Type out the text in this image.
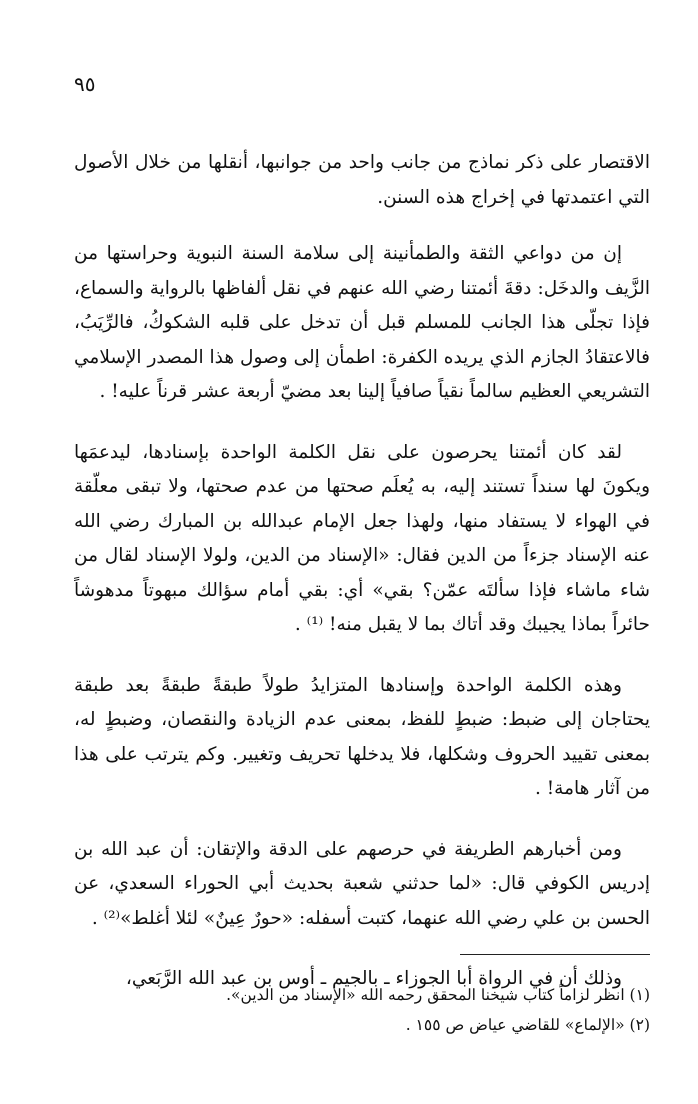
٩٥

الاقتصار على ذكر نماذج من جانب واحد من جوانبها، أنقلها من خلال الأصول التي اعتمدتها في إخراج هذه السنن.

إن من دواعي الثقة والطمأنينة إلى سلامة السنة النبوية وحراستها من الزَّيف والدخَل: دقةَ أئمتنا رضي الله عنهم في نقل ألفاظها بالرواية والسماع، فإذا تجلّى هذا الجانب للمسلم قبل أن تدخل على قلبه الشكوكُ، فالرِّيَبُ، فالاعتقادُ الجازم الذي يريده الكفرة: اطمأن إلى وصول هذا المصدر الإسلامي التشريعي العظيم سالماً نقياً صافياً إلينا بعد مضيّ أربعة عشر قرناً عليه! .

لقد كان أئمتنا يحرصون على نقل الكلمة الواحدة بإسنادها، ليدعمَها ويكونَ لها سنداً تستند إليه، به يُعلَم صحتها من عدم صحتها، ولا تبقى معلّقة في الهواء لا يستفاد منها، ولهذا جعل الإمام عبدالله بن المبارك رضي الله عنه الإسناد جزءاً من الدين فقال: «الإسناد من الدين، ولولا الإسناد لقال من شاء ماشاء فإذا سألتَه عمّن؟ بقي» أي: بقي أمام سؤالك مبهوتاً مدهوشاً حائراً بماذا يجيبك وقد أتاك بما لا يقبل منه! ⁽¹⁾ .

وهذه الكلمة الواحدة وإسنادها المتزايدُ طولاً طبقةً طبقةً بعد طبقة يحتاجان إلى ضبط: ضبطٍ للفظ، بمعنى عدم الزيادة والنقصان، وضبطٍ له، بمعنى تقييد الحروف وشكلها، فلا يدخلها تحريف وتغيير. وكم يترتب على هذا من آثار هامة! .

ومن أخبارهم الطريفة في حرصهم على الدقة والإتقان: أن عبد الله بن إدريس الكوفي قال: «لما حدثني شعبة بحديث أبي الحوراء السعدي، عن الحسن بن علي رضي الله عنهما، كتبت أسفله: «حورٌ عِينٌ» لئلا أغلط»⁽²⁾ .

وذلك أن في الرواة أبا الجوزاء ـ بالجيم ـ أوس بن عبد الله الرَّبَعي،

(١) انظر لزاماً كتاب شيخنا المحقق رحمه الله «الإسناد من الدين».

(٢) «الإلماع» للقاضي عياض ص ١٥٥ .
